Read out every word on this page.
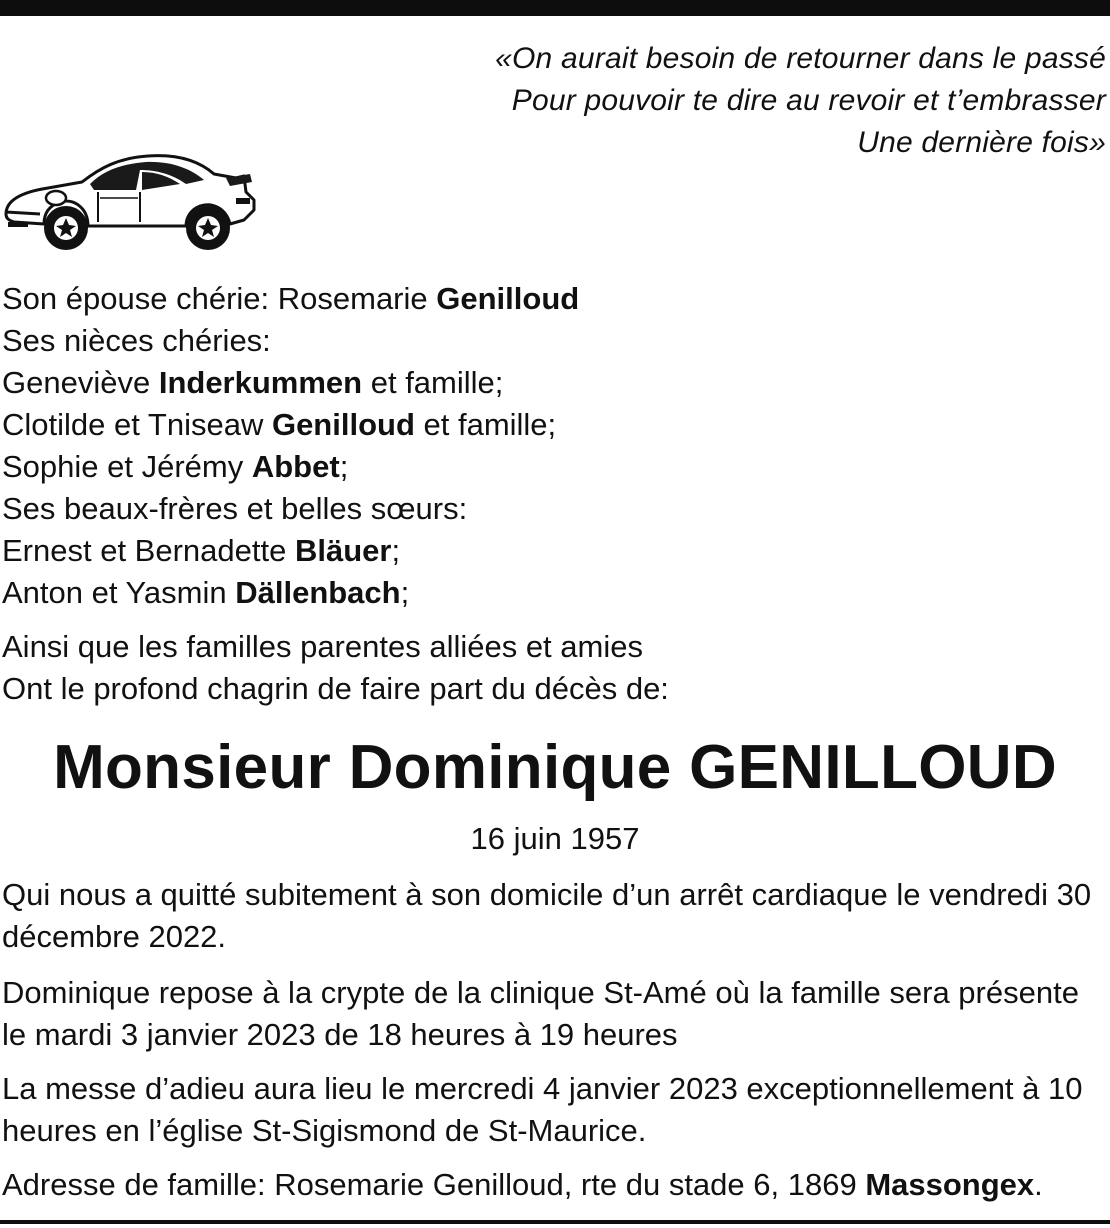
«On aurait besoin de retourner dans le passé
Pour pouvoir te dire au revoir et t’embrasser
Une dernière fois»
Son épouse chérie: Rosemarie Genilloud
Ses nièces chéries:
Geneviève Inderkummen et famille;
Clotilde et Tniseaw Genilloud et famille;
Sophie et Jérémy Abbet;
Ses beaux-frères et belles sœurs:
Ernest et Bernadette Bläuer;
Anton et Yasmin Dällenbach;
Ainsi que les familles parentes alliées et amies
Ont le profond chagrin de faire part du décès de:
Monsieur Dominique GENILLOUD
16 juin 1957
Qui nous a quitté subitement à son domicile d’un arrêt cardiaque le vendredi 30 décembre 2022.
Dominique repose à la crypte de la clinique St-Amé où la famille sera présente le mardi 3 janvier 2023 de 18 heures à 19 heures
La messe d’adieu aura lieu le mercredi 4 janvier 2023 exceptionnellement à 10 heures en l’église St-Sigismond de St-Maurice.
Adresse de famille: Rosemarie Genilloud, rte du stade 6, 1869 Massongex.
